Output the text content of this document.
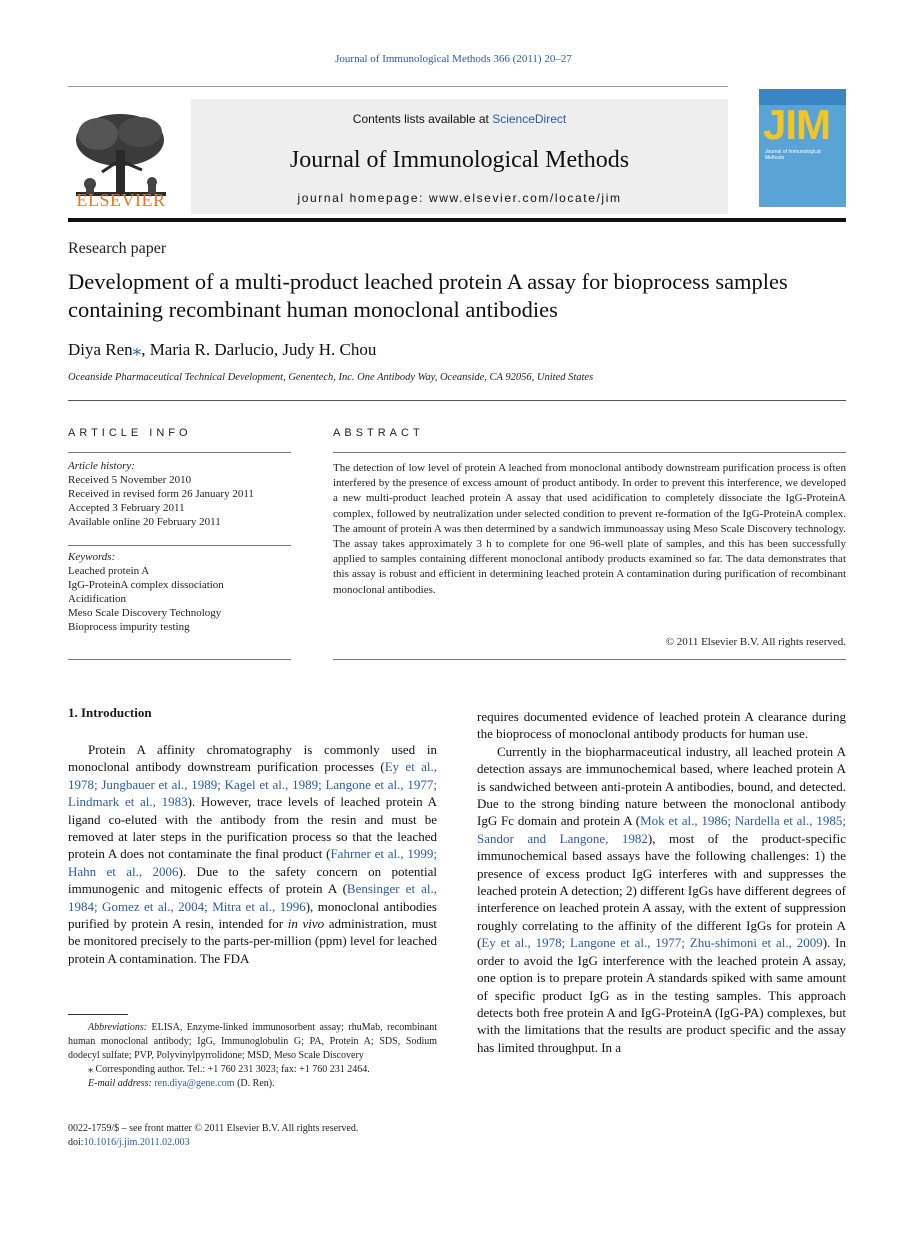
Journal of Immunological Methods 366 (2011) 20–27
ELSEVIER
Contents lists available at ScienceDirect
Journal of Immunological Methods
journal homepage: www.elsevier.com/locate/jim
JIM
Journal of Immunological Methods
Research paper
Development of a multi-product leached protein A assay for bioprocess samples containing recombinant human monoclonal antibodies
Diya Ren⁎, Maria R. Darlucio, Judy H. Chou
Oceanside Pharmaceutical Technical Development, Genentech, Inc. One Antibody Way, Oceanside, CA 92056, United States
ARTICLE INFO	ABSTRACT
Article history:
Received 5 November 2010
Received in revised form 26 January 2011
Accepted 3 February 2011
Available online 20 February 2011
Keywords:
Leached protein A
IgG-ProteinA complex dissociation
Acidification
Meso Scale Discovery Technology
Bioprocess impurity testing
The detection of low level of protein A leached from monoclonal antibody downstream purification process is often interfered by the presence of excess amount of product antibody. In order to prevent this interference, we developed a new multi-product leached protein A assay that used acidification to completely dissociate the IgG-ProteinA complex, followed by neutralization under selected condition to prevent re-formation of the IgG-ProteinA complex. The amount of protein A was then determined by a sandwich immunoassay using Meso Scale Discovery technology. The assay takes approximately 3 h to complete for one 96-well plate of samples, and this has been successfully applied to samples containing different monoclonal antibody products examined so far. The data demonstrates that this assay is robust and efficient in determining leached protein A contamination during purification of recombinant monoclonal antibodies.
© 2011 Elsevier B.V. All rights reserved.
1. Introduction

Protein A affinity chromatography is commonly used in monoclonal antibody downstream purification processes (Ey et al., 1978; Jungbauer et al., 1989; Kagel et al., 1989; Langone et al., 1977; Lindmark et al., 1983). However, trace levels of leached protein A ligand co-eluted with the antibody from the resin and must be removed at later steps in the purification process so that the leached protein A does not contaminate the final product (Fahrner et al., 1999; Hahn et al., 2006). Due to the safety concern on potential immunogenic and mitogenic effects of protein A (Bensinger et al., 1984; Gomez et al., 2004; Mitra et al., 1996), monoclonal antibodies purified by protein A resin, intended for in vivo administration, must be monitored precisely to the parts-per-million (ppm) level for leached protein A contamination. The FDA

requires documented evidence of leached protein A clearance during the bioprocess of monoclonal antibody products for human use.

Currently in the biopharmaceutical industry, all leached protein A detection assays are immunochemical based, where leached protein A is sandwiched between anti-protein A antibodies, bound, and detected. Due to the strong binding nature between the monoclonal antibody IgG Fc domain and protein A (Mok et al., 1986; Nardella et al., 1985; Sandor and Langone, 1982), most of the product-specific immunochemical based assays have the following challenges: 1) the presence of excess product IgG interferes with and suppresses the leached protein A detection; 2) different IgGs have different degrees of interference on leached protein A assay, with the extent of suppression roughly correlating to the affinity of the different IgGs for protein A (Ey et al., 1978; Langone et al., 1977; Zhu-shimoni et al., 2009). In order to avoid the IgG interference with the leached protein A assay, one option is to prepare protein A standards spiked with same amount of specific product IgG as in the testing samples. This approach detects both free protein A and IgG-ProteinA (IgG-PA) complexes, but with the limitations that the results are product specific and the assay has limited throughput. In a

Abbreviations: ELISA, Enzyme-linked immunosorbent assay; rhuMab, recombinant human monoclonal antibody; IgG, Immunoglobulin G; PA, Protein A; SDS, Sodium dodecyl sulfate; PVP, Polyvinylpyrrolidone; MSD, Meso Scale Discovery
⁎ Corresponding author. Tel.: +1 760 231 3023; fax: +1 760 231 2464.
E-mail address: ren.diya@gene.com (D. Ren).
0022-1759/$ – see front matter © 2011 Elsevier B.V. All rights reserved.
doi:10.1016/j.jim.2011.02.003
